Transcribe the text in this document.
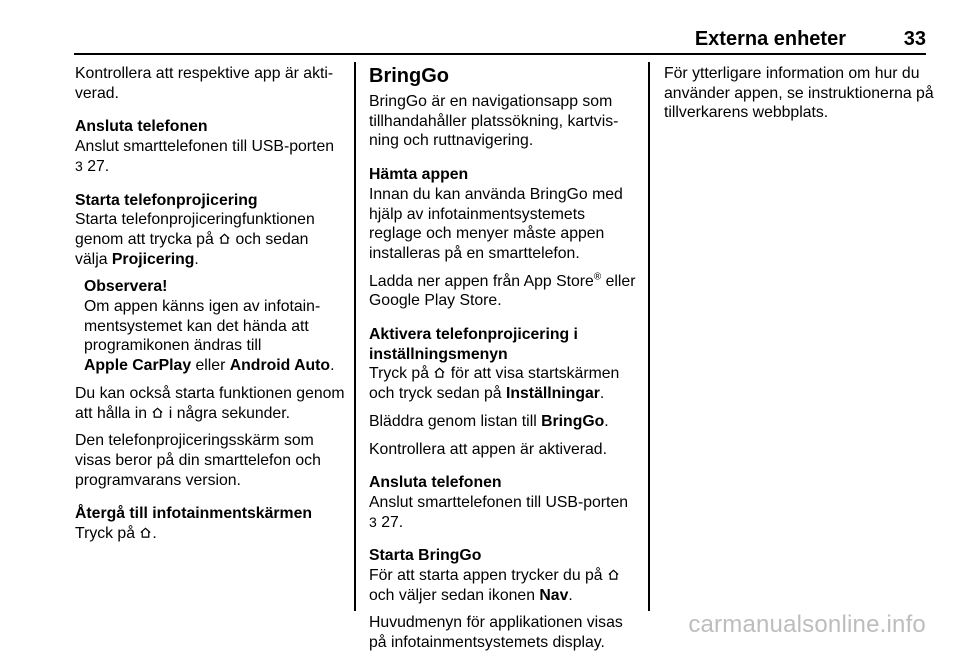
Externa enheter	33

Kontrollera att respektive app är akti-verad.

Ansluta telefonen

Anslut smarttelefonen till USB-porten
3 27.

Starta telefonprojicering

Starta telefonprojiceringfunktionen genom att trycka på och sedan välja Projicering.

Observera!

Om appen känns igen av infotain-mentsystemet kan det hända att programikonen ändras till
Apple CarPlay eller Android Auto.

Du kan också starta funktionen genom att hålla in i några sekunder.

Den telefonprojiceringsskärm som visas beror på din smarttelefon och programvarans version.

Återgå till infotainmentskärmen

Tryck på .

BringGo

BringGo är en navigationsapp som tillhandahåller platssökning, kartvis-ning och ruttnavigering.

Hämta appen

Innan du kan använda BringGo med hjälp av infotainmentsystemets reglage och menyer måste appen installeras på en smarttelefon.

Ladda ner appen från App Store® eller Google Play Store.

Aktivera telefonprojicering i inställningsmenyn

Tryck på för att visa startskärmen och tryck sedan på Inställningar.

Bläddra genom listan till BringGo.

Kontrollera att appen är aktiverad.

Ansluta telefonen

Anslut smarttelefonen till USB-porten
3 27.

Starta BringGo

För att starta appen trycker du på  och väljer sedan ikonen Nav.

Huvudmenyn för applikationen visas på infotainmentsystemets display.

För ytterligare information om hur du använder appen, se instruktionerna på tillverkarens webbplats.

carmanualsonline.info
